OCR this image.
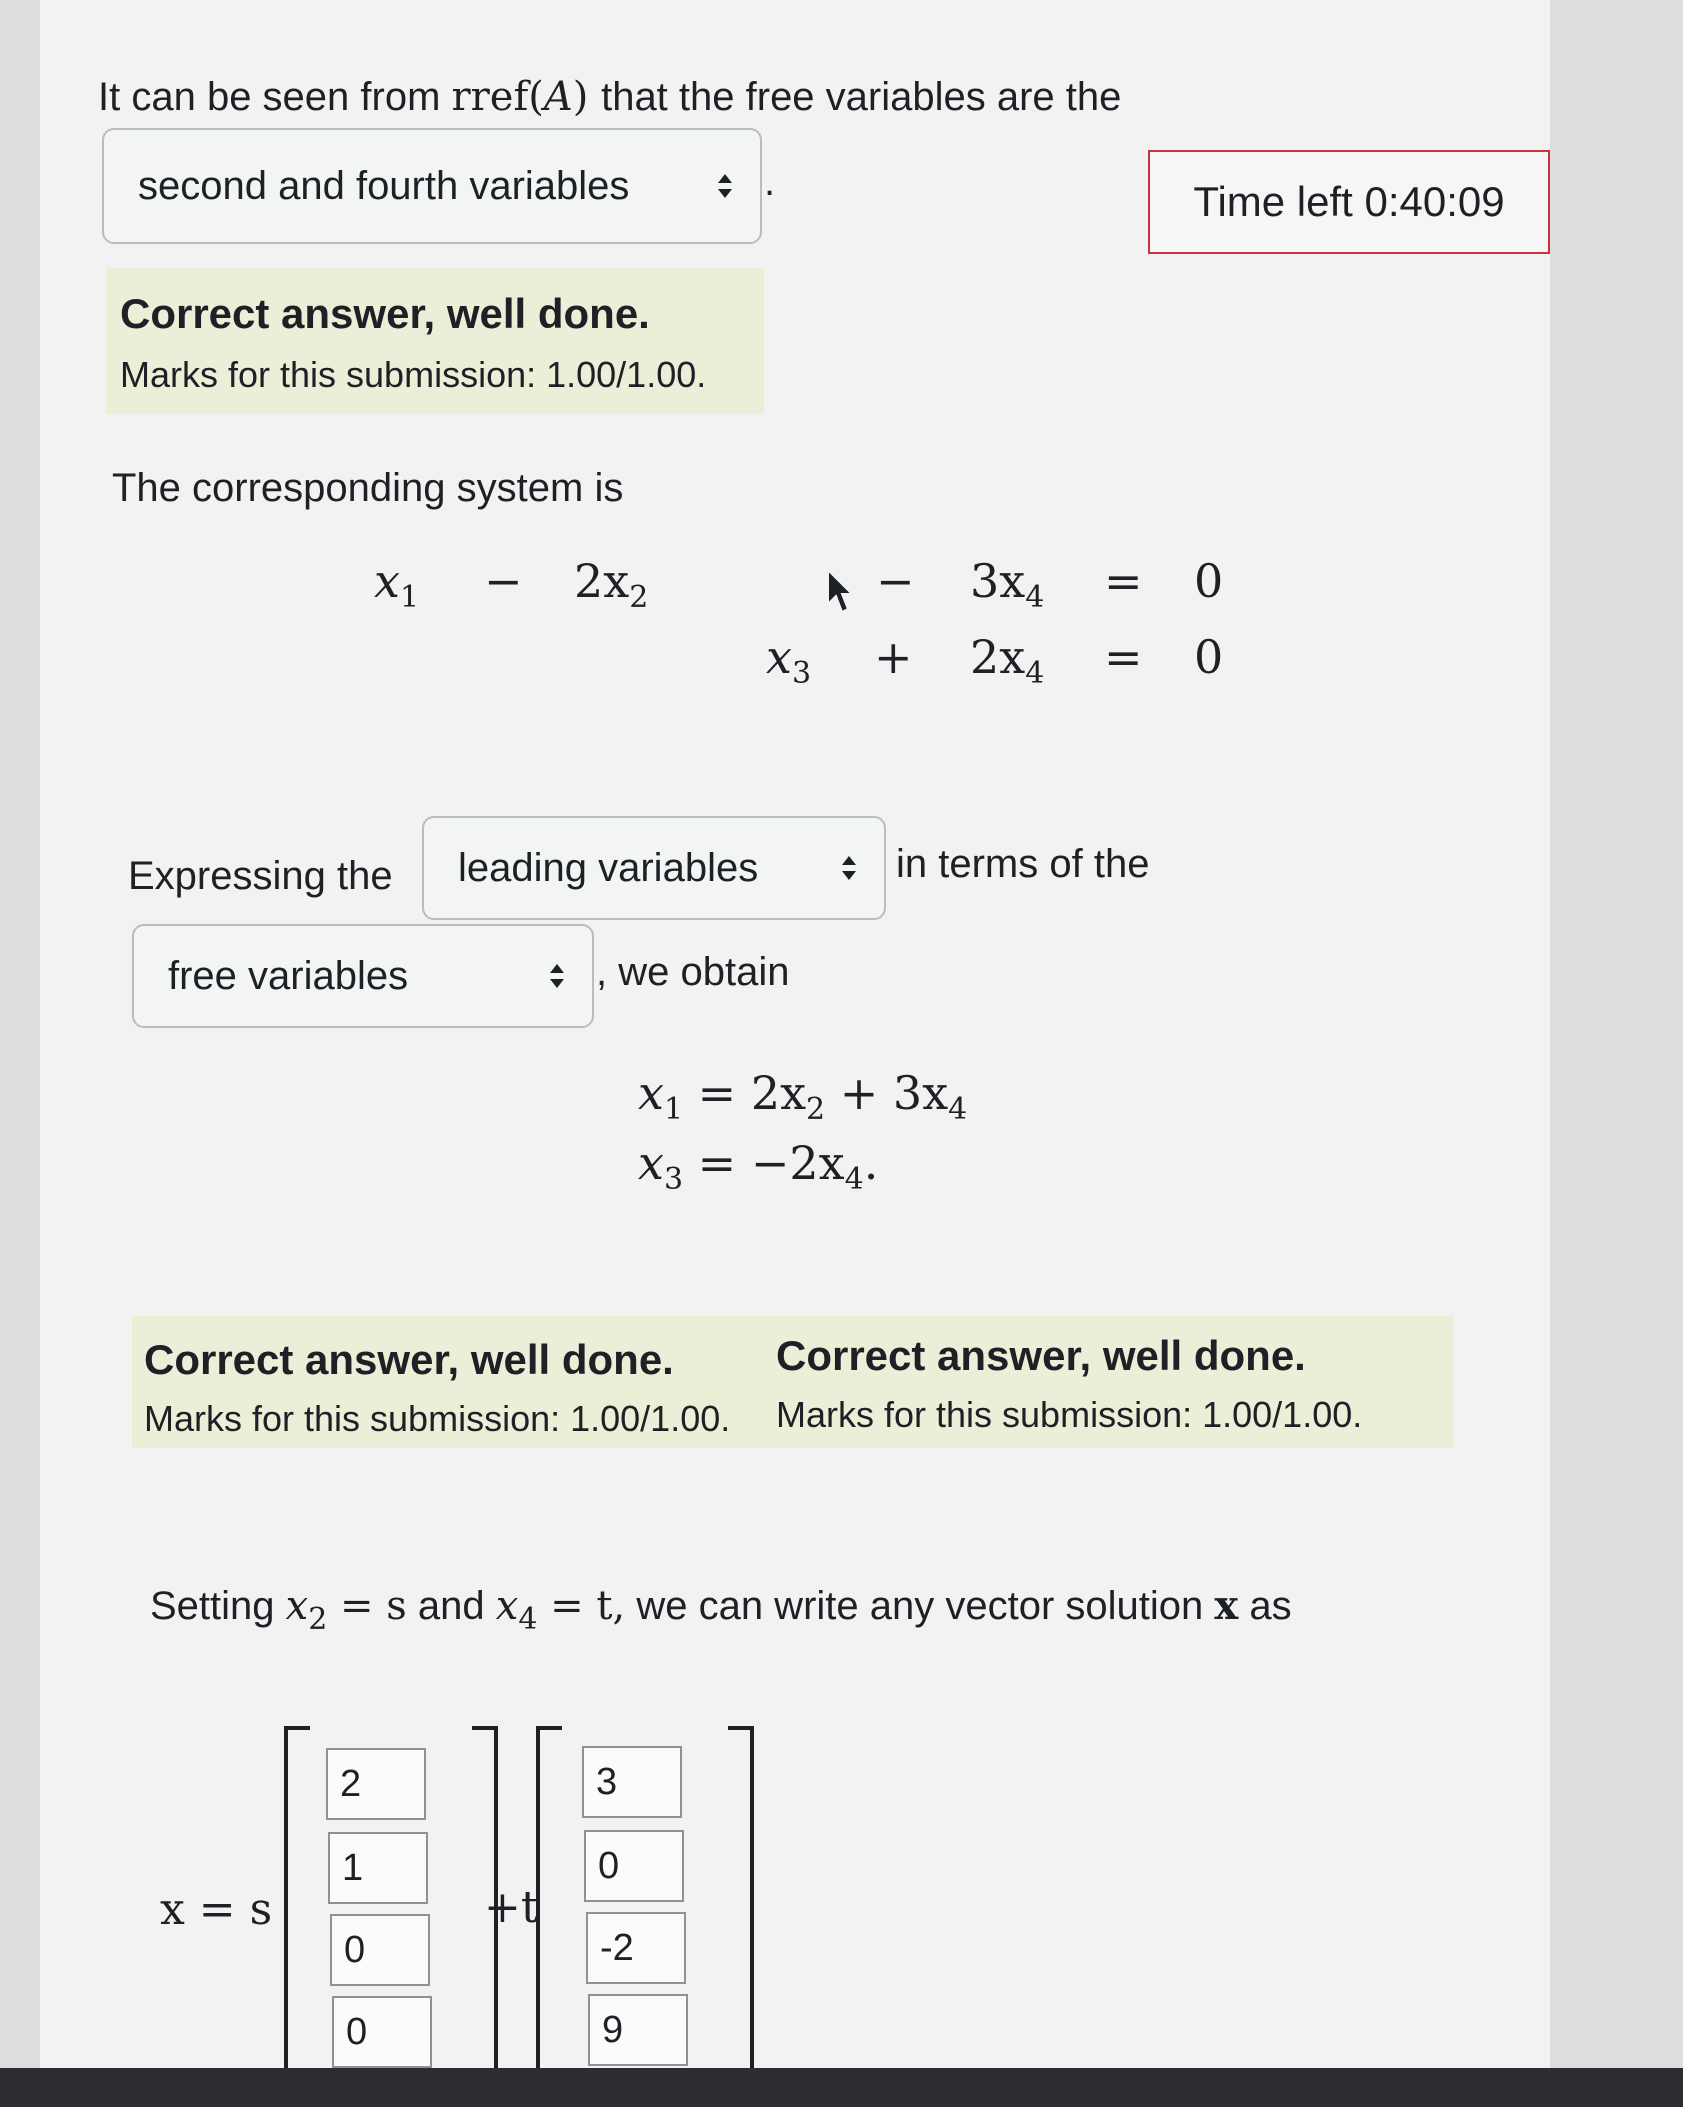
It can be seen from rref(A) that the free variables are the
second and fourth variables	.	Time left 0:40:09
Correct answer, well done.
Marks for this submission: 1.00/1.00.
The corresponding system is
$x_1 - 2x_2$	− $3x_4 = 0$
$x_3 + 2x_4 = 0$
Expressing the leading variables	in terms of the
free variables	, we obtain
$x_1 = 2x_2 + 3x_4$
$x_3 = -2x_4$.
Correct answer, well done.
Marks for this submission: 1.00/1.00.
Correct answer, well done.
Marks for this submission: 1.00/1.00.
Setting $x_2 = s$ and $x_4 = t$, we can write any vector solution x as
x = s
2
1
0
0
+t
3
0
-2
9
